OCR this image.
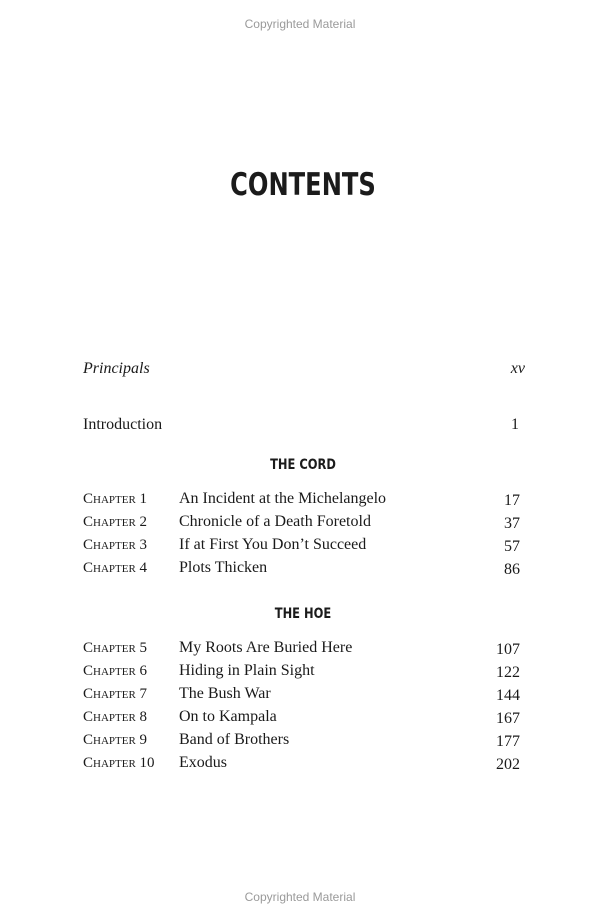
Copyrighted Material
CONTENTS
Principals	xv
Introduction	1
THE CORD
Chapter 1 An Incident at the Michelangelo	17
Chapter 2 Chronicle of a Death Foretold	37
Chapter 3 If at First You Don’t Succeed	57
Chapter 4 Plots Thicken	86
THE HOE
Chapter 5 My Roots Are Buried Here	107
Chapter 6 Hiding in Plain Sight	122
Chapter 7 The Bush War	144
Chapter 8 On to Kampala	167
Chapter 9 Band of Brothers	177
Chapter 10 Exodus	202
Copyrighted Material
